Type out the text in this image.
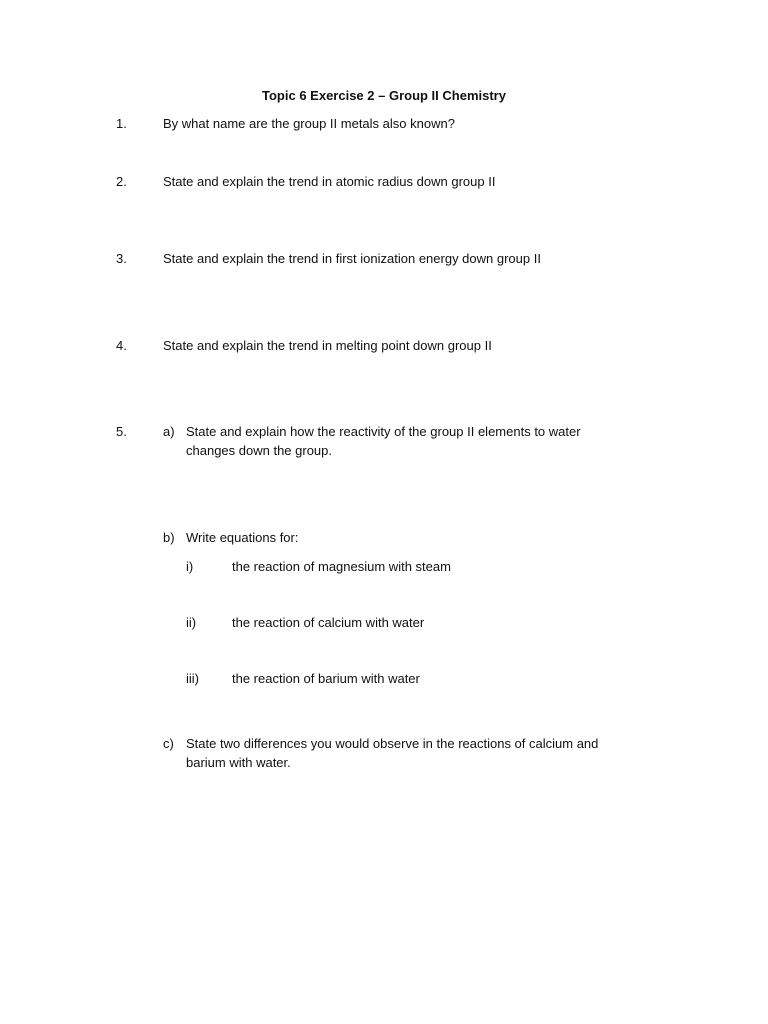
Topic 6 Exercise 2 – Group II Chemistry
1.	By what name are the group II metals also known?
2.	State and explain the trend in atomic radius down group II
3.	State and explain the trend in first ionization energy down group II
4.	State and explain the trend in melting point down group II
5.	a) State and explain how the reactivity of the group II elements to water
changes down the group.
b) Write equations for:
i)	the reaction of magnesium with steam
ii)	the reaction of calcium with water
iii)	the reaction of barium with water
c) State two differences you would observe in the reactions of calcium and
barium with water.
